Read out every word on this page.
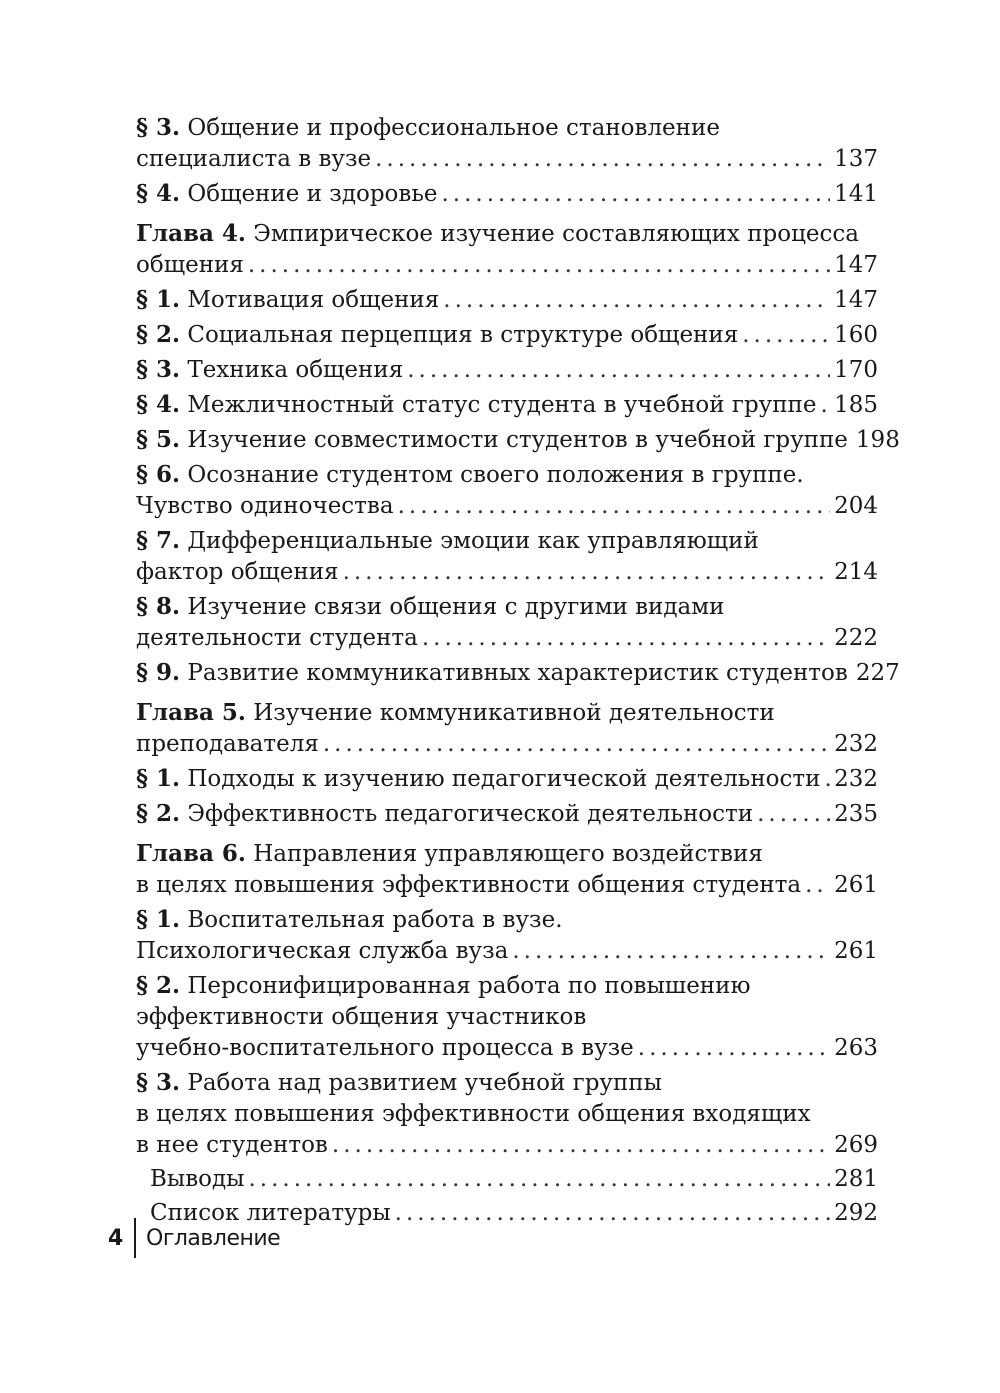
§ 3. Общение и профессиональное становление
специалиста в вузе .....	137
§ 4. Общение и здоровье .....	141
Глава 4. Эмпирическое изучение составляющих процесса
общения .....	147
§ 1. Мотивация общения .....	147
§ 2. Социальная перцепция в структуре общения .....	160
§ 3. Техника общения .....	170
§ 4. Межличностный статус студента в учебной группе ..... 185
§ 5. Изучение совместимости студентов в учебной группе 198
§ 6. Осознание студентом своего положения в группе.
Чувство одиночества .....	204
§ 7. Дифференциальные эмоции как управляющий
фактор общения .....	214
§ 8. Изучение связи общения с другими видами
деятельности студента .....	222
§ 9. Развитие коммуникативных характеристик студентов 227
Глава 5. Изучение коммуникативной деятельности
преподавателя .....	232
§ 1. Подходы к изучению педагогической деятельности ..... 232
§ 2. Эффективность педагогической деятельности .....	235
Глава 6. Направления управляющего воздействия
в целях повышения эффективности общения студента ..... 261
§ 1. Воспитательная работа в вузе.
Психологическая служба вуза .....	261
§ 2. Персонифицированная работа по повышению
эффективности общения участников
учебно-воспитательного процесса в вузе .....	263
§ 3. Работа над развитием учебной группы
в целях повышения эффективности общения входящих
в нее студентов .....	269
Выводы .....	281
Список литературы .....	292
4 Оглавление
